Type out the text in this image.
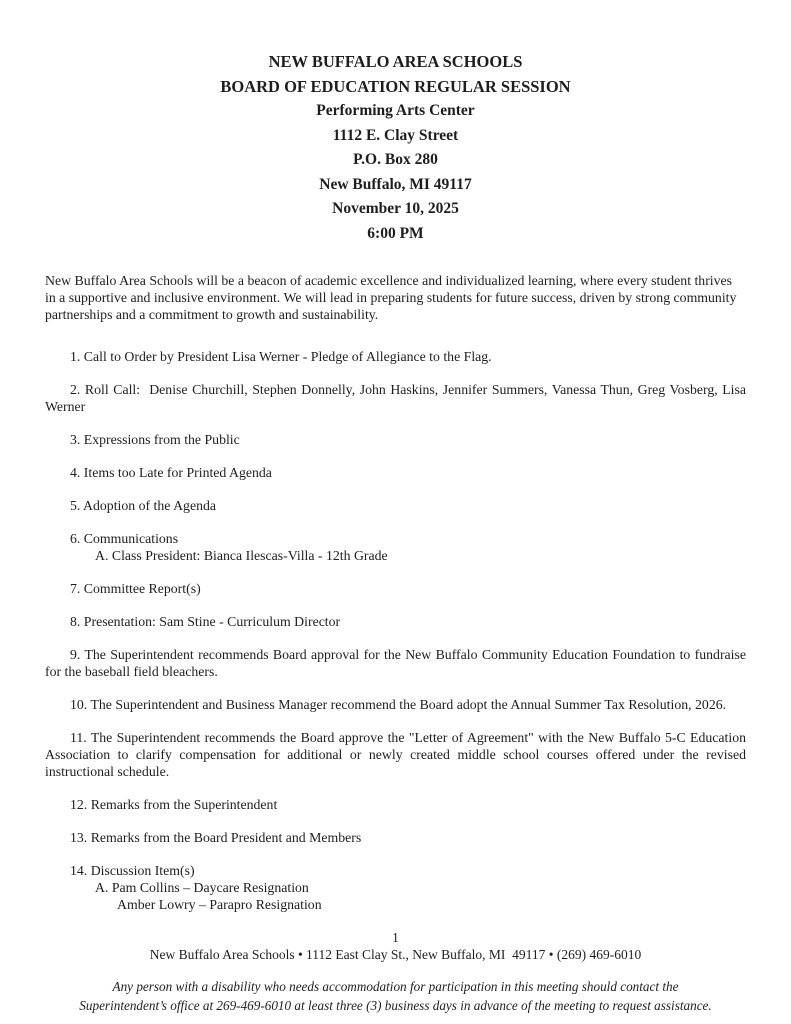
NEW BUFFALO AREA SCHOOLS
BOARD OF EDUCATION REGULAR SESSION
Performing Arts Center
1112 E. Clay Street
P.O. Box 280
New Buffalo, MI 49117
November 10, 2025
6:00 PM

New Buffalo Area Schools will be a beacon of academic excellence and individualized learning, where every student thrives in a supportive and inclusive environment. We will lead in preparing students for future success, driven by strong community partnerships and a commitment to growth and sustainability.

1. Call to Order by President Lisa Werner - Pledge of Allegiance to the Flag.

2. Roll Call:  Denise Churchill, Stephen Donnelly, John Haskins, Jennifer Summers, Vanessa Thun, Greg Vosberg, Lisa Werner

3. Expressions from the Public

4. Items too Late for Printed Agenda

5. Adoption of the Agenda

6. Communications

A. Class President: Bianca Ilescas-Villa - 12th Grade

7. Committee Report(s)

8. Presentation: Sam Stine - Curriculum Director

9. The Superintendent recommends Board approval for the New Buffalo Community Education Foundation to fundraise for the baseball field bleachers.

10. The Superintendent and Business Manager recommend the Board adopt the Annual Summer Tax Resolution, 2026.

11. The Superintendent recommends the Board approve the "Letter of Agreement" with the New Buffalo 5-C Education Association to clarify compensation for additional or newly created middle school courses offered under the revised instructional schedule.

12. Remarks from the Superintendent

13. Remarks from the Board President and Members

14. Discussion Item(s)

A. Pam Collins – Daycare Resignation

Amber Lowry – Parapro Resignation

1
New Buffalo Area Schools • 1112 East Clay St., New Buffalo, MI  49117 • (269) 469-6010
Any person with a disability who needs accommodation for participation in this meeting should contact the Superintendent’s office at 269-469-6010 at least three (3) business days in advance of the meeting to request assistance.
